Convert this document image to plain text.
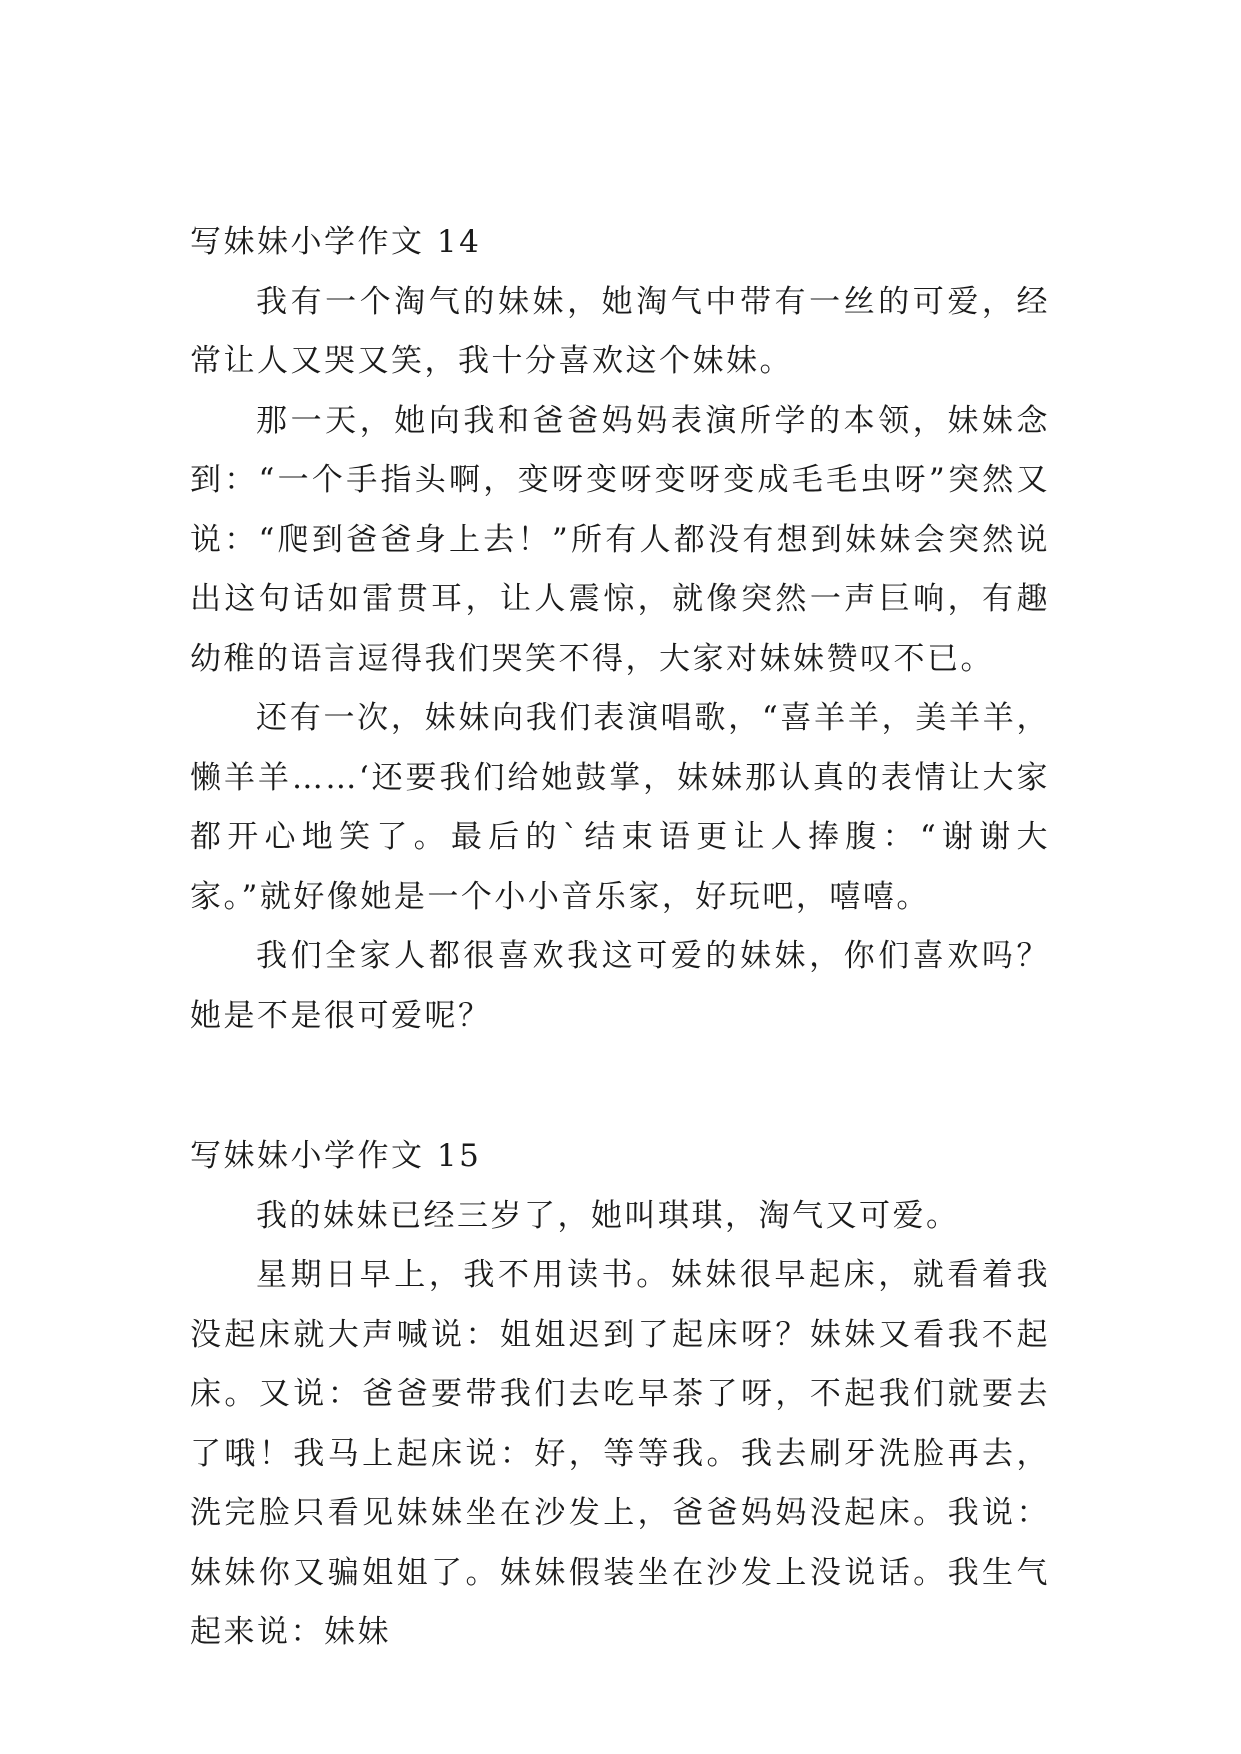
写妹妹小学作文 14

我有一个淘气的妹妹，她淘气中带有一丝的可爱，经常让人又哭又笑，我十分喜欢这个妹妹。

那一天，她向我和爸爸妈妈表演所学的本领，妹妹念到：“一个手指头啊，变呀变呀变呀变成毛毛虫呀”突然又说：“爬到爸爸身上去！”所有人都没有想到妹妹会突然说出这句话如雷贯耳，让人震惊，就像突然一声巨响，有趣幼稚的语言逗得我们哭笑不得，大家对妹妹赞叹不已。

还有一次，妹妹向我们表演唱歌，“喜羊羊，美羊羊，懒羊羊……‘还要我们给她鼓掌，妹妹那认真的表情让大家都开心地笑了。最后的`结束语更让人捧腹：“谢谢大家。”就好像她是一个小小音乐家，好玩吧，嘻嘻。

我们全家人都很喜欢我这可爱的妹妹，你们喜欢吗？她是不是很可爱呢？

写妹妹小学作文 15

我的妹妹已经三岁了，她叫琪琪，淘气又可爱。

星期日早上，我不用读书。妹妹很早起床，就看着我没起床就大声喊说：姐姐迟到了起床呀？妹妹又看我不起床。又说：爸爸要带我们去吃早茶了呀，不起我们就要去了哦！我马上起床说：好，等等我。我去刷牙洗脸再去，洗完脸只看见妹妹坐在沙发上，爸爸妈妈没起床。我说：妹妹你又骗姐姐了。妹妹假装坐在沙发上没说话。我生气起来说：妹妹
